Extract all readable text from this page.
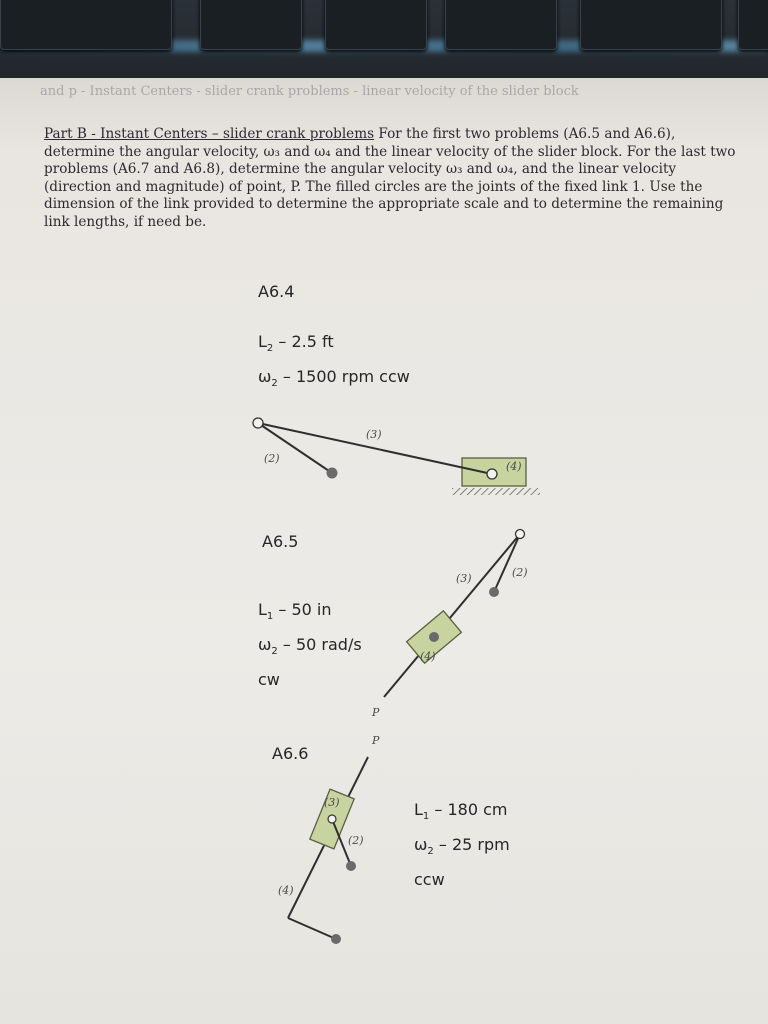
and p - Instant Centers - slider crank problems - linear velocity of the slider block
Part B - Instant Centers – slider crank problems For the first two problems (A6.5 and A6.6), determine the angular velocity, ω₃ and ω₄ and the linear velocity of the slider block. For the last two problems (A6.7 and A6.8), determine the angular velocity ω₃ and ω₄, and the linear velocity (direction and magnitude) of point, P. The filled circles are the joints of the fixed link 1. Use the dimension of the link provided to determine the appropriate scale and to determine the remaining link lengths, if need be.
A6.4
$L_2 - 2.5$ ft
$\omega_2 - 1500$ rpm ccw
A6.5
$L_1 - 50$ in
$\omega_2 - 50$ rad/s
cw
A6.6
$L_1 - 180$ cm
$\omega_2 - 25$ rpm
ccw
(2)
(3)
(4)
(3)	(2)
(4)
P
P
(3)
(2)
(4)
